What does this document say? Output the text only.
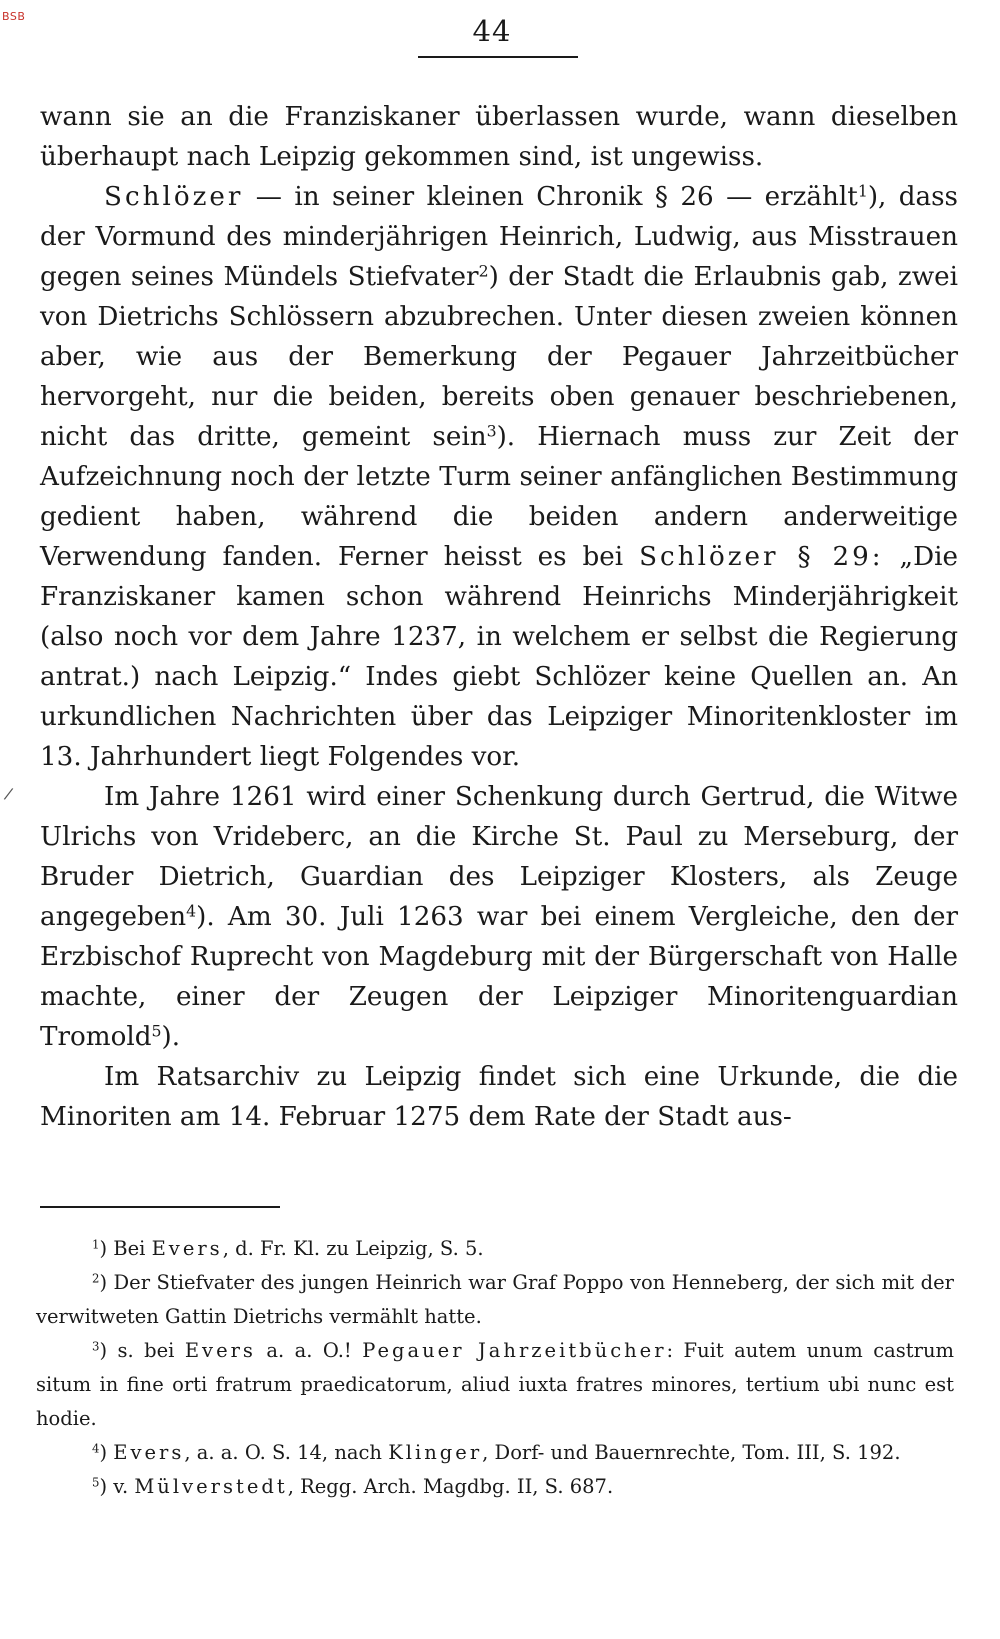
BSB	44
/

wann sie an die Franziskaner überlassen wurde, wann dieselben überhaupt nach Leipzig gekommen sind, ist ungewiss.

Schlözer — in seiner kleinen Chronik § 26 — erzählt$^1$), dass der Vormund des minderjährigen Heinrich, Ludwig, aus Misstrauen gegen seines Mündels Stiefvater$^2$) der Stadt die Erlaubnis gab, zwei von Dietrichs Schlössern abzubrechen. Unter diesen zweien können aber, wie aus der Bemerkung der Pegauer Jahrzeitbücher hervorgeht, nur die beiden, bereits oben genauer beschriebenen, nicht das dritte, gemeint sein$^3$). Hiernach muss zur Zeit der Aufzeichnung noch der letzte Turm seiner anfänglichen Bestimmung gedient haben, während die beiden andern anderweitige Verwendung fanden. Ferner heisst es bei Schlözer § 29: „Die Franziskaner kamen schon während Heinrichs Minderjährigkeit (also noch vor dem Jahre 1237, in welchem er selbst die Regierung antrat.) nach Leipzig.“ Indes giebt Schlözer keine Quellen an. An urkundlichen Nachrichten über das Leipziger Minoritenkloster im 13. Jahrhundert liegt Folgendes vor.

Im Jahre 1261 wird einer Schenkung durch Gertrud, die Witwe Ulrichs von Vrideberc, an die Kirche St. Paul zu Merseburg, der Bruder Dietrich, Guardian des Leipziger Klosters, als Zeuge angegeben$^4$). Am 30. Juli 1263 war bei einem Vergleiche, den der Erzbischof Ruprecht von Magdeburg mit der Bürgerschaft von Halle machte, einer der Zeugen der Leipziger Minoritenguardian Tromold$^5$).

Im Ratsarchiv zu Leipzig findet sich eine Urkunde, die die Minoriten am 14. Februar 1275 dem Rate der Stadt aus-

$^1$) Bei Evers, d. Fr. Kl. zu Leipzig, S. 5.

$^2$) Der Stiefvater des jungen Heinrich war Graf Poppo von Henneberg, der sich mit der verwitweten Gattin Dietrichs vermählt hatte.

$^3$) s. bei Evers a. a. O.! Pegauer Jahrzeitbücher: Fuit autem unum castrum situm in fine orti fratrum praedicatorum, aliud iuxta fratres minores, tertium ubi nunc est hodie.

$^4$) Evers, a. a. O. S. 14, nach Klinger, Dorf- und Bauernrechte, Tom. III, S. 192.

$^5$) v. Mülverstedt, Regg. Arch. Magdbg. II, S. 687.
